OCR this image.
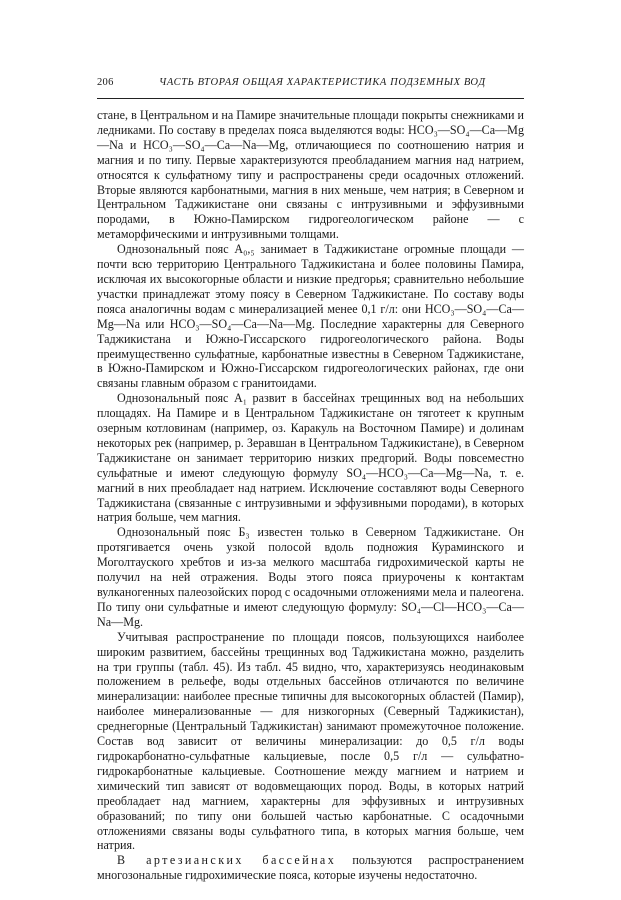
206	ЧАСТЬ ВТОРАЯ ОБЩАЯ ХАРАКТЕРИСТИКА ПОДЗЕМНЫХ ВОД

стане, в Центральном и на Памире значительные площади покрыты снежниками и ледниками. По составу в пределах пояса выделяются воды: HCO₃—SO₄—Ca—Mg—Na и HCO₃—SO₄—Ca—Na—Mg, отличающиеся по соотношению натрия и магния и по типу. Первые характеризуются преобладанием магния над натрием, относятся к сульфатному типу и распространены среди осадочных отложений. Вторые являются карбонатными, магния в них меньше, чем натрия; в Северном и Центральном Таджикистане они связаны с интрузивными и эффузивными породами, в Южно-Памирском гидрогеологическом районе — с метаморфическими и интрузивными толщами.

Однозональный пояс A₀,₅ занимает в Таджикистане огромные площади — почти всю территорию Центрального Таджикистана и более половины Памира, исключая их высокогорные области и низкие предгорья; сравнительно небольшие участки принадлежат этому поясу в Северном Таджикистане. По составу воды пояса аналогичны водам с минерализацией менее 0,1 г/л: они HCO₃—SO₄—Ca—Mg—Na или HCO₃—SO₄—Ca—Na—Mg. Последние характерны для Северного Таджикистана и Южно-Гиссарского гидрогеологического района. Воды преимущественно сульфатные, карбонатные известны в Северном Таджикистане, в Южно-Памирском и Южно-Гиссарском гидрогеологических районах, где они связаны главным образом с гранитоидами.

Однозональный пояс A₁ развит в бассейнах трещинных вод на небольших площадях. На Памире и в Центральном Таджикистане он тяготеет к крупным озерным котловинам (например, оз. Каракуль на Восточном Памире) и долинам некоторых рек (например, р. Зеравшан в Центральном Таджикистане), в Северном Таджикистане он занимает территорию низких предгорий. Воды повсеместно сульфатные и имеют следующую формулу SO₄—HCO₃—Ca—Mg—Na, т. е. магний в них преобладает над натрием. Исключение составляют воды Северного Таджикистана (связанные с интрузивными и эффузивными породами), в которых натрия больше, чем магния.

Однозональный пояс Б₃ известен только в Северном Таджикистане. Он протягивается очень узкой полосой вдоль подножия Кураминского и Моголтауского хребтов и из-за мелкого масштаба гидрохимической карты не получил на ней отражения. Воды этого пояса приурочены к контактам вулканогенных палеозойских пород с осадочными отложениями мела и палеогена. По типу они сульфатные и имеют следующую формулу: SO₄—Cl—HCO₃—Ca—Na—Mg.

Учитывая распространение по площади поясов, пользующихся наиболее широким развитием, бассейны трещинных вод Таджикистана можно, разделить на три группы (табл. 45). Из табл. 45 видно, что, характеризуясь неодинаковым положением в рельефе, воды отдельных бассейнов отличаются по величине минерализации: наиболее пресные типичны для высокогорных областей (Памир), наиболее минерализованные — для низкогорных (Северный Таджикистан), среднегорные (Центральный Таджикистан) занимают промежуточное положение. Состав вод зависит от величины минерализации: до 0,5 г/л воды гидрокарбонатно-сульфатные кальциевые, после 0,5 г/л — сульфатно-гидрокарбонатные кальциевые. Соотношение между магнием и натрием и химический тип зависят от водовмещающих пород. Воды, в которых натрий преобладает над магнием, характерны для эффузивных и интрузивных образований; по типу они большей частью карбонатные. С осадочными отложениями связаны воды сульфатного типа, в которых магния больше, чем натрия.

В артезианских бассейнах пользуются распространением многозональные гидрохимические пояса, которые изучены недостаточно.
